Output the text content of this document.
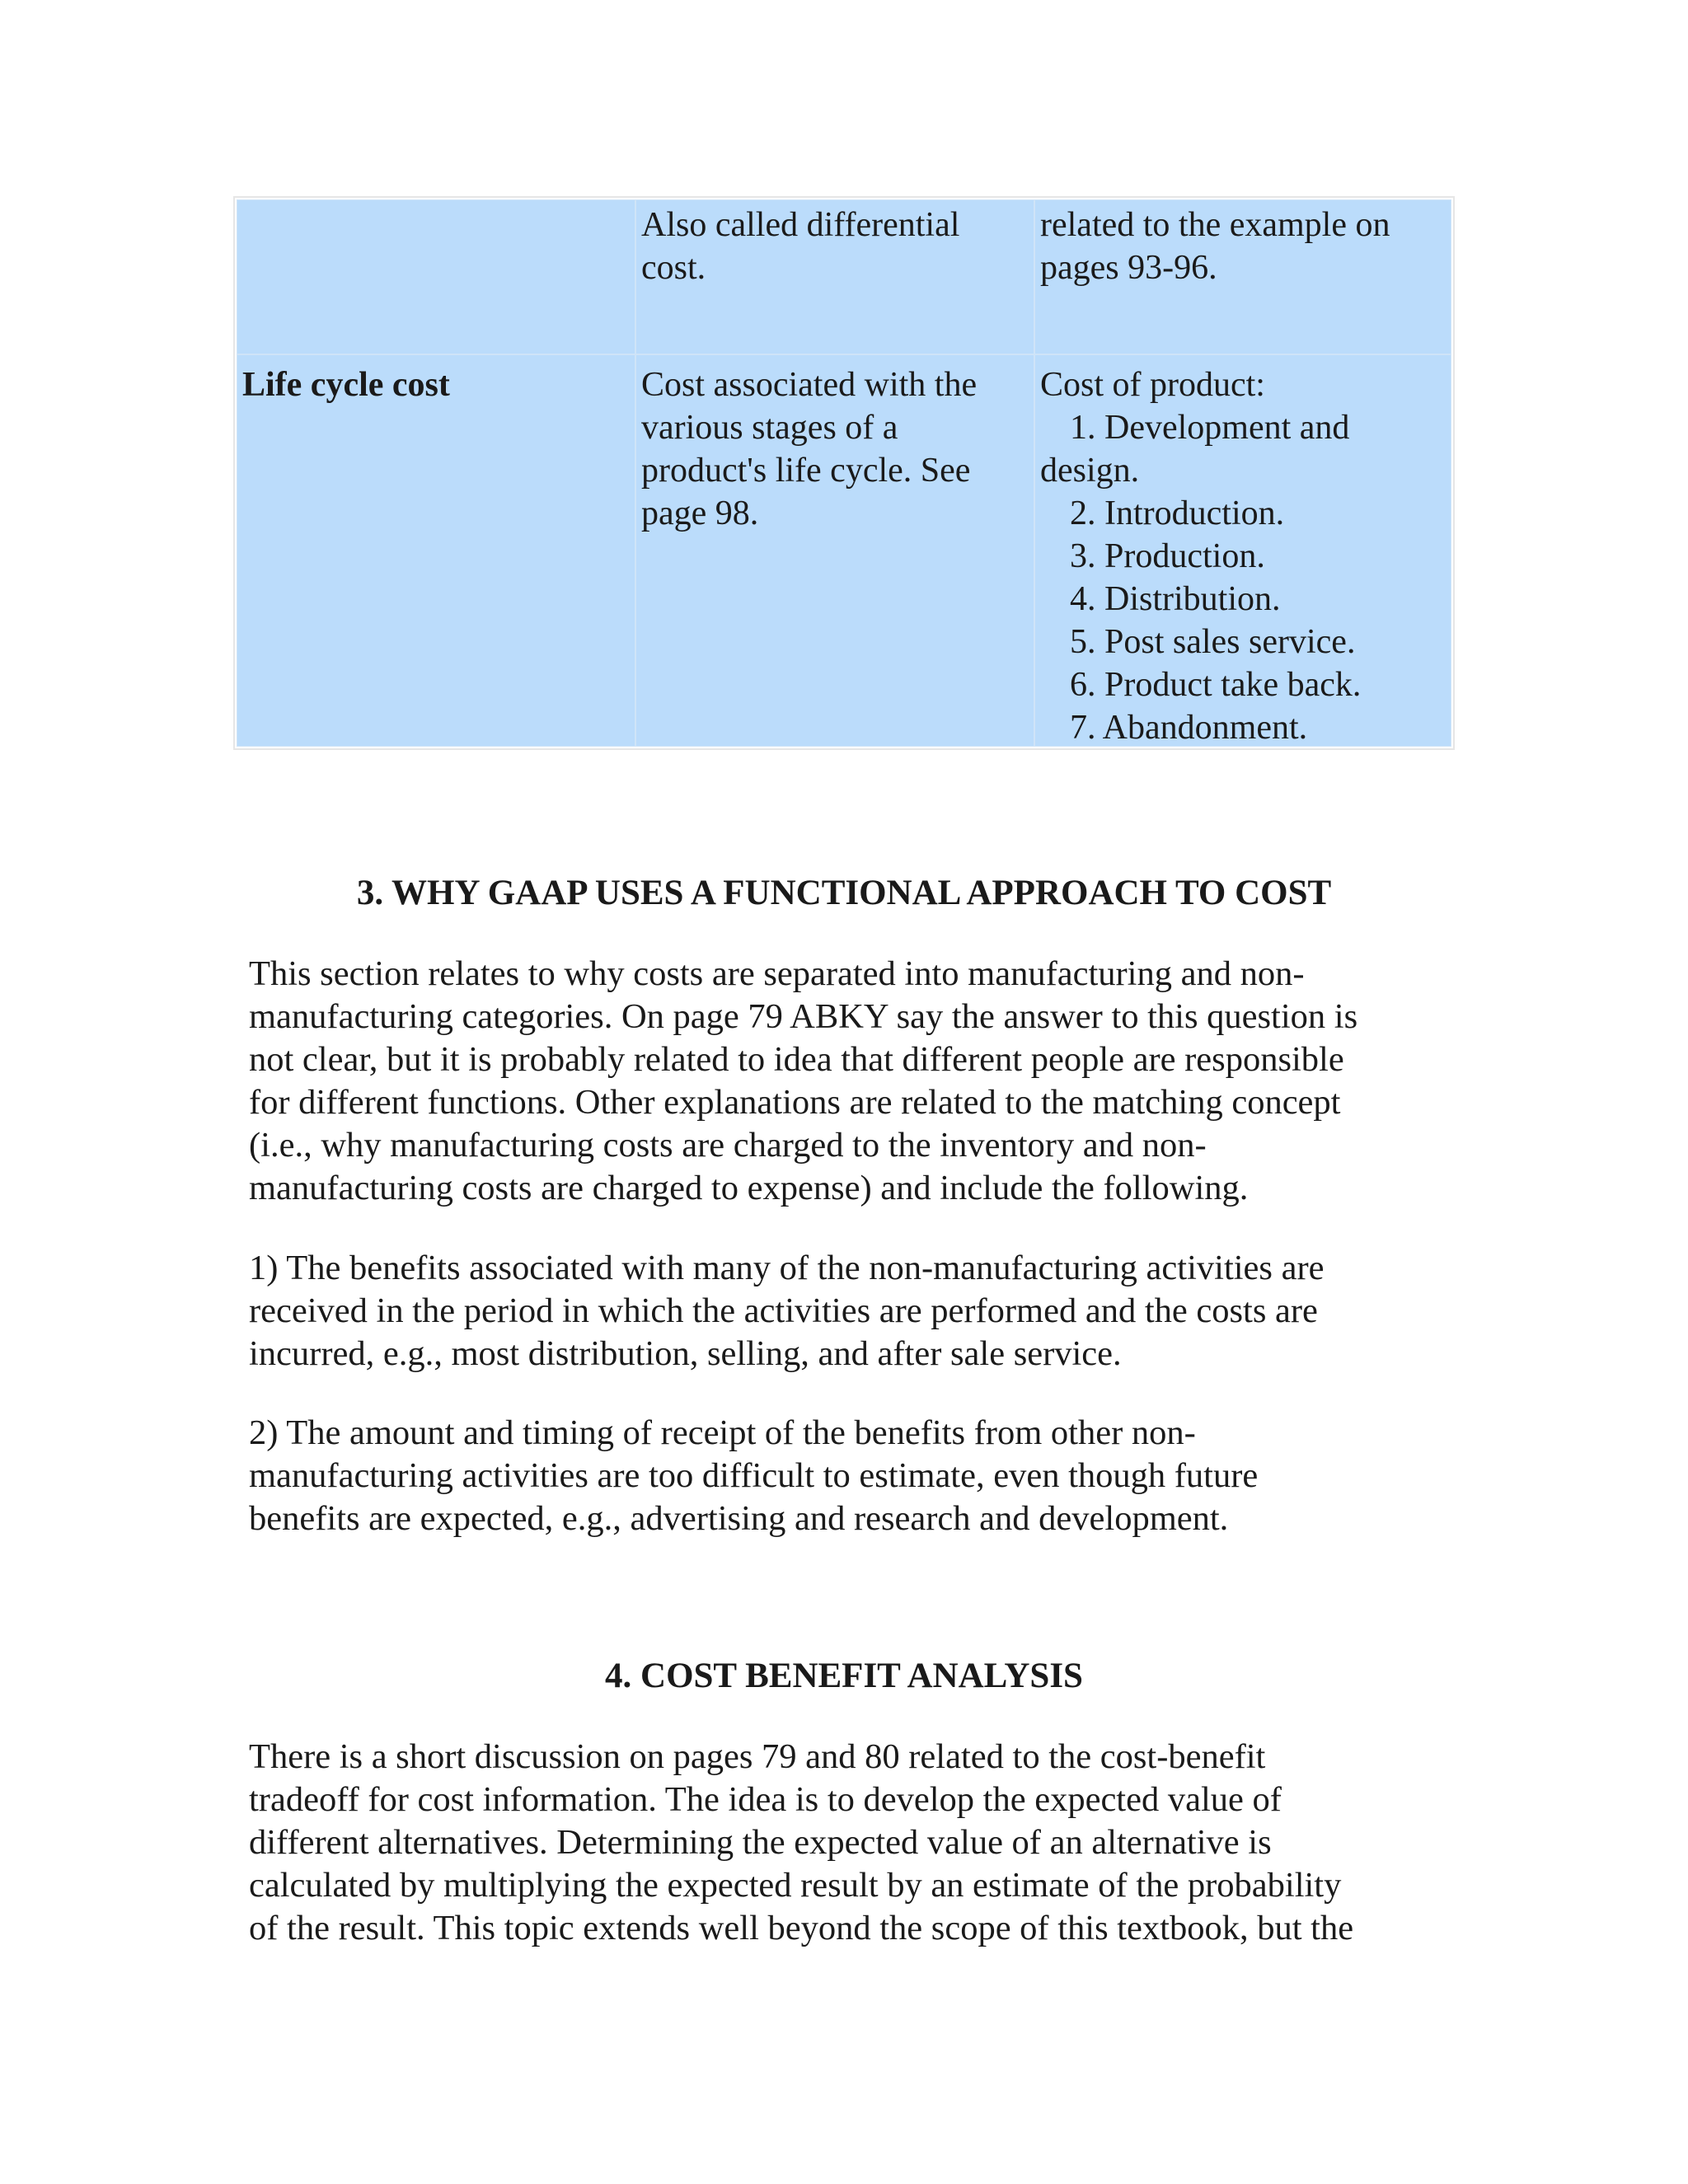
Also called differential
cost.
related to the example on
pages 93-96.
Life cycle cost	Cost associated with the
various stages of a
product's life cycle. See
page 98.
Cost of product:
1. Development and
design.
2. Introduction.
3. Production.
4. Distribution.
5. Post sales service.
6. Product take back.
7. Abandonment.
3. WHY GAAP USES A FUNCTIONAL APPROACH TO COST

This section relates to why costs are separated into manufacturing and non-
manufacturing categories. On page 79 ABKY say the answer to this question is
not clear, but it is probably related to idea that different people are responsible
for different functions. Other explanations are related to the matching concept
(i.e., why manufacturing costs are charged to the inventory and non-
manufacturing costs are charged to expense) and include the following.

1) The benefits associated with many of the non-manufacturing activities are
received in the period in which the activities are performed and the costs are
incurred, e.g., most distribution, selling, and after sale service.

2) The amount and timing of receipt of the benefits from other non-
manufacturing activities are too difficult to estimate, even though future
benefits are expected, e.g., advertising and research and development.

4. COST BENEFIT ANALYSIS

There is a short discussion on pages 79 and 80 related to the cost-benefit
tradeoff for cost information. The idea is to develop the expected value of
different alternatives. Determining the expected value of an alternative is
calculated by multiplying the expected result by an estimate of the probability
of the result. This topic extends well beyond the scope of this textbook, but the
